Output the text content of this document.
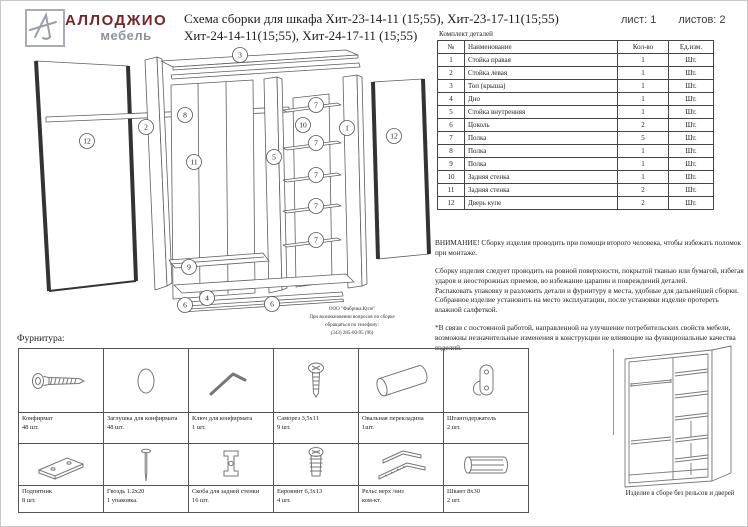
АЛЛОДЖИО
мебель
Схема сборки для шкафа Хит-23-14-11 (15;55), Хит-23-17-11(15;55)
Хит-24-14-11(15;55), Хит-24-17-11 (15;55)
лист: 1 листов: 2
Комплект деталей
№	Наименование	Кол-во	Ед.изм.
1	Стойка правая	1	Шт.
2	Стойка левая	1	Шт.
3	Топ (крыша)	1	Шт.
4	Дно	1	Шт.
5	Стойка внутренняя	1	Шт.
6	Цоколь	2	Шт.
7	Полка	5	Шт.
8	Полка	1	Шт.
9	Полка	1	Шт.
10	Задняя стенка	1	Шт.
11	Задняя стенка	2	Шт.
12	Дверь купе	2	Шт.
12
2
8
3
11
5
10
7
7
7
7
7
1
12
9
4
6	6

ВНИМАНИЕ! Сборку изделия проводить при помощи второго человека, чтобы избежать поломок при монтаже.

Сборку изделия следует проводить на ровной поверхности, покрытой тканью или бумагой, избегая ударов и неосторожных приемов, во избежание царапин и повреждений деталей.

Распаковать упаковку и разложить детали и фурнитуру в места, удобные для дальнейшей сборки.

Собранное изделие установить на место эксплуатации, после установки изделие протереть влажной салфеткой.

*В связи с постоянной работой, направленной на улучшение потребительских свойств мебели, возможны незначительные изменения в конструкции не влияющие на функциональные качества изделий.

ООО "Фабрика.Купе"
При возникновении вопросов по сборке
обращаться по телефону:
(343) 285-00-95 (96)
Фурнитура:
Конфирмат
48 шт.
Заглушка для конфирмата
48 шт.
Ключ для конфирмата
1 шт.
Саморез 3,5х11
9 шт.
Овальная перекладина
1шт.
Штангодержатель
2 шт.
Подпятник
8 шт.
Гвоздь 1.2х20
1 упаковка.
Скоба для задней стенки
16 шт.
Евровинт 6,3х13
4 шт.
Рельс верх /низ
ком-кт.
Шкант 8х30
2 шт.
Изделие в сборе без рельсов и дверей
